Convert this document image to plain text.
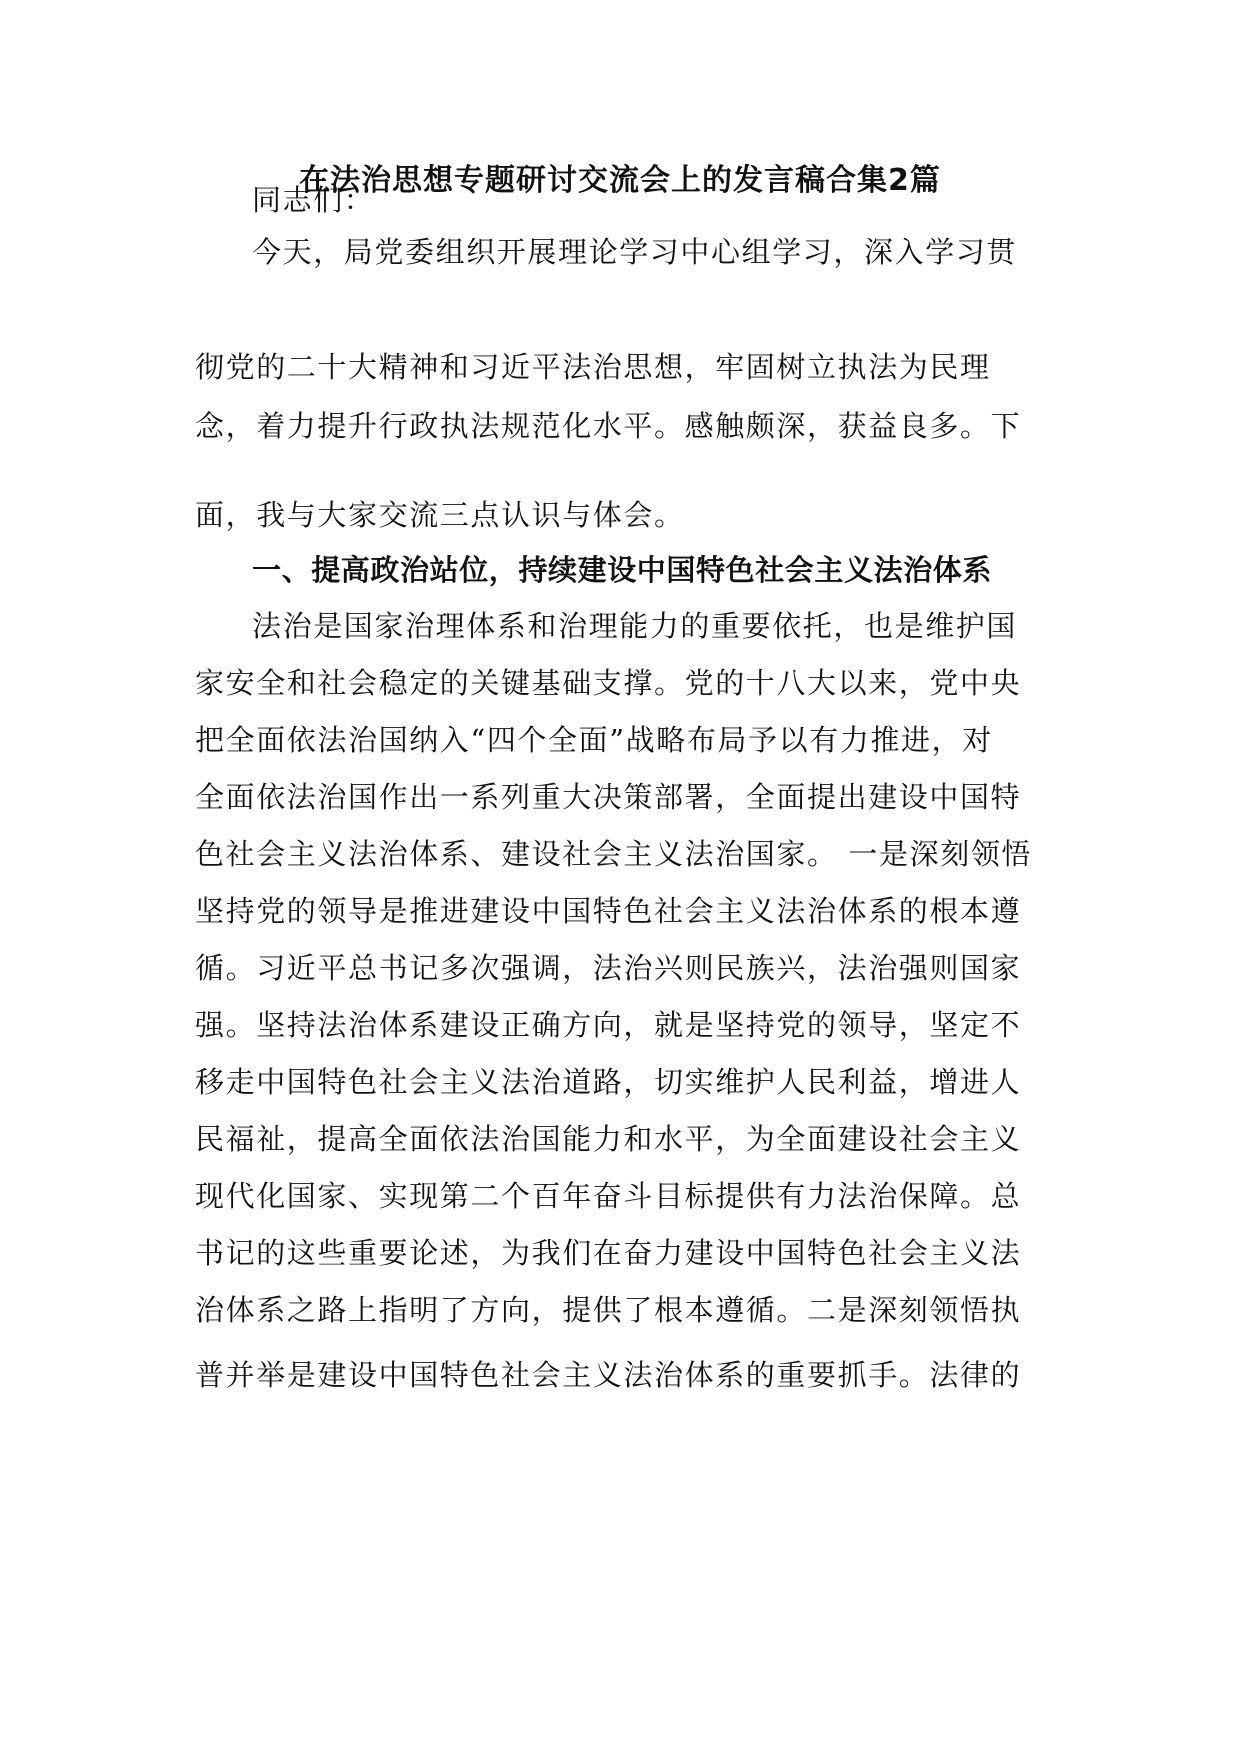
在法治思想专题研讨交流会上的发言稿合集2篇
同志们：
今天，局党委组织开展理论学习中心组学习，深入学习贯
彻党的二十大精神和习近平法治思想，牢固树立执法为民理
念，着力提升行政执法规范化水平。感触颇深，获益良多。下
面，我与大家交流三点认识与体会。
一、提高政治站位，持续建设中国特色社会主义法治体系
法治是国家治理体系和治理能力的重要依托，也是维护国
家安全和社会稳定的关键基础支撑。党的十八大以来，党中央
把全面依法治国纳入“四个全面”战略布局予以有力推进，对
全面依法治国作出一系列重大决策部署，全面提出建设中国特
色社会主义法治体系、建设社会主义法治国家。 一是深刻领悟
坚持党的领导是推进建设中国特色社会主义法治体系的根本遵
循。习近平总书记多次强调，法治兴则民族兴，法治强则国家
强。坚持法治体系建设正确方向，就是坚持党的领导，坚定不
移走中国特色社会主义法治道路，切实维护人民利益，增进人
民福祉，提高全面依法治国能力和水平，为全面建设社会主义
现代化国家、实现第二个百年奋斗目标提供有力法治保障。总
书记的这些重要论述，为我们在奋力建设中国特色社会主义法
治体系之路上指明了方向，提供了根本遵循。二是深刻领悟执
普并举是建设中国特色社会主义法治体系的重要抓手。法律的
